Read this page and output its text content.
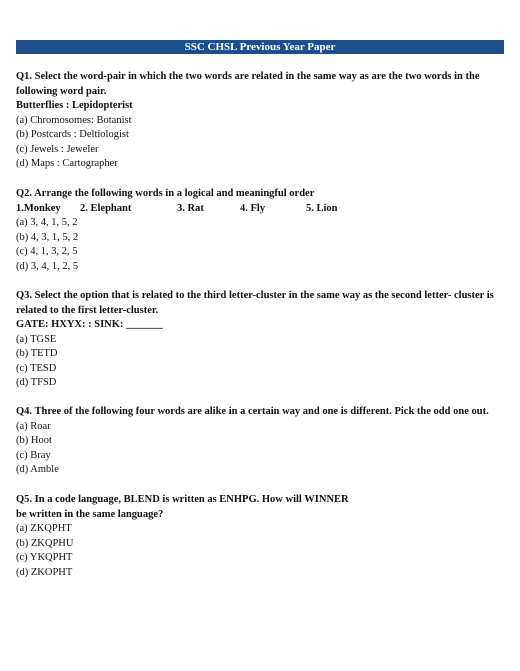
SSC CHSL Previous Year Paper
Q1. Select the word-pair in which the two words are related in the same way as are the two words in the following word pair.
Butterflies : Lepidopterist
(a) Chromosomes: Botanist
(b) Postcards : Deltiologist
(c) Jewels : Jeweler
(d) Maps : Cartographer
Q2. Arrange the following words in a logical and meaningful order
1.Monkey 2. Elephant	3. Rat	4. Fly	5. Lion
(a) 3, 4, 1, 5, 2
(b) 4, 3, 1, 5, 2
(c) 4, 1, 3, 2, 5
(d) 3, 4, 1, 2, 5
Q3. Select the option that is related to the third letter-cluster in the same way as the second letter- cluster is related to the first letter-cluster.
GATE: HXYX: : SINK: _______
(a) TGSE
(b) TETD
(c) TESD
(d) TFSD
Q4. Three of the following four words are alike in a certain way and one is different. Pick the odd one out.
(a) Roar
(b) Hoot
(c) Bray
(d) Amble
Q5. In a code language, BLEND is written as ENHPG. How will WINNER
be written in the same language?
(a) ZKQPHT
(b) ZKQPHU
(c) YKQPHT
(d) ZKOPHT
